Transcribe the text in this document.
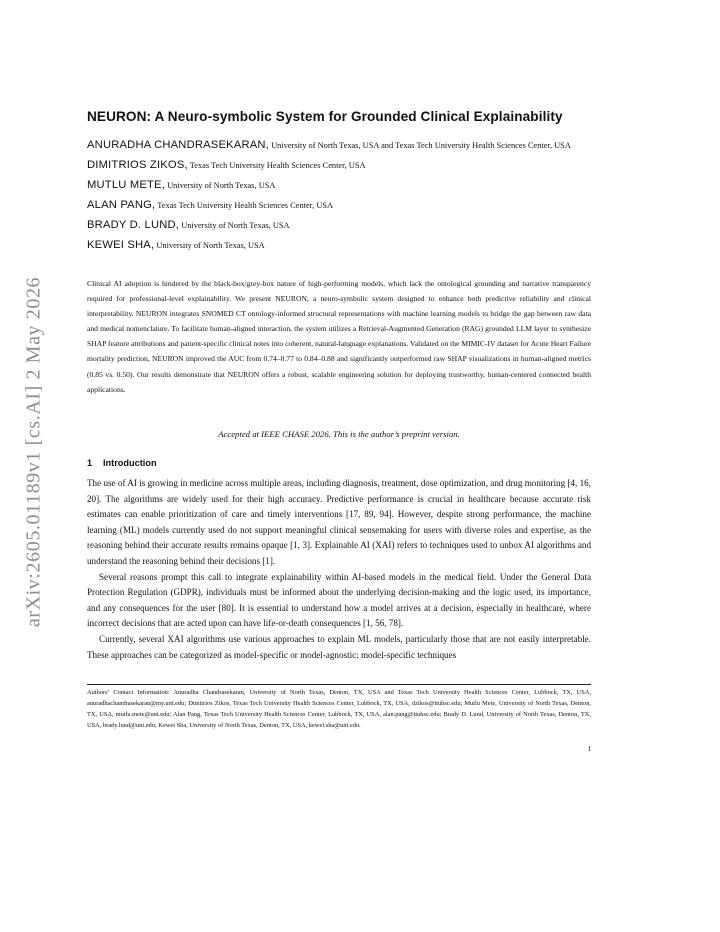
arXiv:2605.01189v1 [cs.AI] 2 May 2026
NEURON: A Neuro-symbolic System for Grounded Clinical Explainability

ANURADHA CHANDRASEKARAN, University of North Texas, USA and Texas Tech University Health Sciences Center, USA

DIMITRIOS ZIKOS, Texas Tech University Health Sciences Center, USA

MUTLU METE, University of North Texas, USA

ALAN PANG, Texas Tech University Health Sciences Center, USA

BRADY D. LUND, University of North Texas, USA

KEWEI SHA, University of North Texas, USA

Clinical AI adoption is hindered by the black-box/grey-box nature of high-performing models, which lack the ontological grounding and narrative transparency required for professional-level explainability. We present NEURON, a neuro-symbolic system designed to enhance both predictive reliability and clinical interpretability. NEURON integrates SNOMED CT ontology-informed structural representations with machine learning models to bridge the gap between raw data and medical nomenclature. To facilitate human-aligned interaction, the system utilizes a Retrieval-Augmented Generation (RAG) grounded LLM layer to synthesize SHAP feature attributions and patient-specific clinical notes into coherent, natural-language explanations. Validated on the MIMIC-IV dataset for Acute Heart Failure mortality prediction, NEURON improved the AUC from 0.74–0.77 to 0.84–0.88 and significantly outperformed raw SHAP visualizations in human-aligned metrics (0.85 vs. 0.50). Our results demonstrate that NEURON offers a robust, scalable engineering solution for deploying trustworthy, human-centered connected health applications.

Accepted at IEEE CHASE 2026. This is the author’s preprint version.

1 Introduction

The use of AI is growing in medicine across multiple areas, including diagnosis, treatment, dose optimization, and drug monitoring [4, 16, 20]. The algorithms are widely used for their high accuracy. Predictive performance is crucial in healthcare because accurate risk estimates can enable prioritization of care and timely interventions [17, 89, 94]. However, despite strong performance, the machine learning (ML) models currently used do not support meaningful clinical sensemaking for users with diverse roles and expertise, as the reasoning behind their accurate results remains opaque [1, 3]. Explainable AI (XAI) refers to techniques used to unbox AI algorithms and understand the reasoning behind their decisions [1].

Several reasons prompt this call to integrate explainability within AI-based models in the medical field. Under the General Data Protection Regulation (GDPR), individuals must be informed about the underlying decision-making and the logic used, its importance, and any consequences for the user [80]. It is essential to understand how a model arrives at a decision, especially in healthcare, where incorrect decisions that are acted upon can have life-or-death consequences [1, 56, 78].

Currently, several XAI algorithms use various approaches to explain ML models, particularly those that are not easily interpretable. These approaches can be categorized as model-specific or model-agnostic: model-specific techniques

Authors’ Contact Information: Anuradha Chandrasekaran, University of North Texas, Denton, TX, USA and Texas Tech University Health Sciences Center, Lubbock, TX, USA, anuradhachandrasekaran@my.unt.edu; Dimitrios Zikos, Texas Tech University Health Sciences Center, Lubbock, TX, USA, dzikos@ttuhsc.edu; Mutlu Mete, University of North Texas, Denton, TX, USA, mutlu.mete@unt.edu; Alan Pang, Texas Tech University Health Sciences Center, Lubbock, TX, USA, alan.pang@ttuhsc.edu; Brady D. Lund, University of North Texas, Denton, TX, USA, brady.lund@unt.edu; Kewei Sha, University of North Texas, Denton, TX, USA, kewei.sha@unt.edu.

1
